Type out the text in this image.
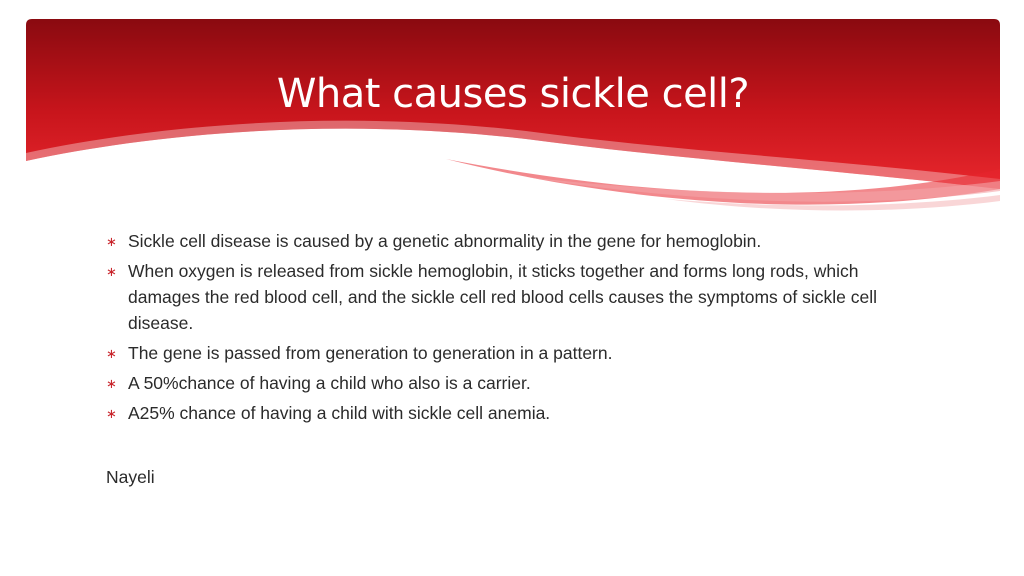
What causes sickle cell?
∗ Sickle cell disease is caused by a genetic abnormality in the gene for hemoglobin.
∗ When oxygen is released from sickle hemoglobin, it sticks together and forms long rods, which damages the red blood cell, and the sickle cell red blood cells causes the symptoms of sickle cell disease.
∗ The gene is passed from generation to generation in a pattern.
∗ A 50%chance of having a child who also is a carrier.
∗ A25% chance of having a child with sickle cell anemia.

Nayeli
